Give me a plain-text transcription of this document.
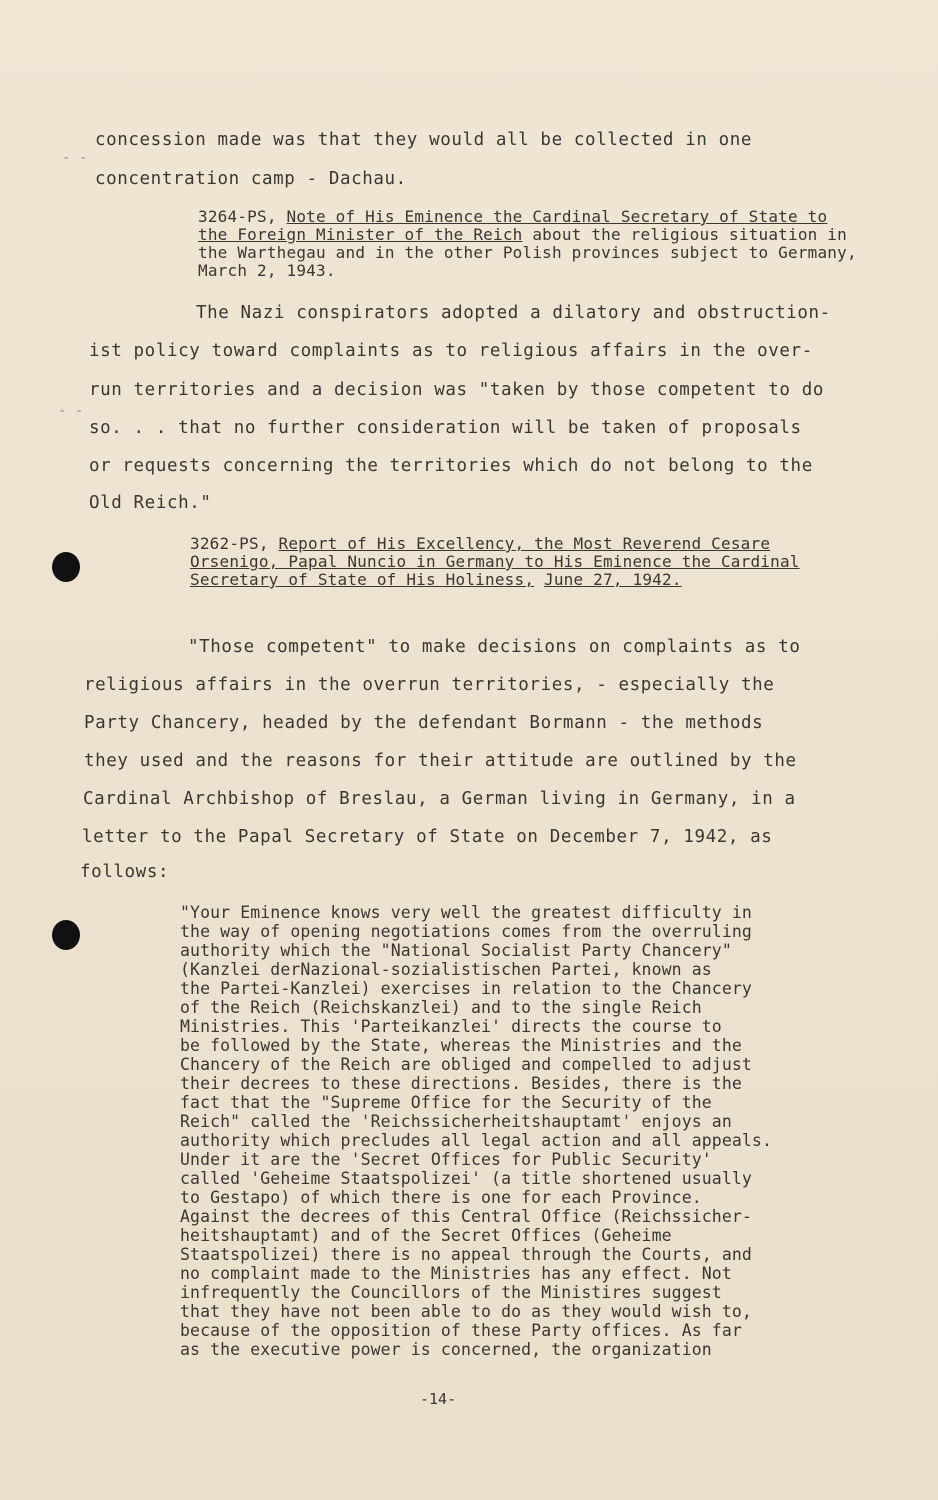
- -
- -
concession made was that they would all be collected in one
concentration camp - Dachau.
3264-PS, Note of His Eminence the Cardinal Secretary of State to the Foreign Minister of the Reich about the religious situation in the Warthegau and in the other Polish provinces subject to Germany, March 2, 1943.
The Nazi conspirators adopted a dilatory and obstruction-
ist policy toward complaints as to religious affairs in the over-
run territories and a decision was "taken by those competent to do
so. . . that no further consideration will be taken of proposals
or requests concerning the territories which do not belong to the
Old Reich."
3262-PS, Report of His Excellency, the Most Reverend Cesare Orsenigo, Papal Nuncio in Germany to His Eminence the Cardinal Secretary of State of His Holiness, June 27, 1942.
"Those competent" to make decisions on complaints as to
religious affairs in the overrun territories, - especially the
Party Chancery, headed by the defendant Bormann - the methods
they used and the reasons for their attitude are outlined by the
Cardinal Archbishop of Breslau, a German living in Germany, in a
letter to the Papal Secretary of State on December 7, 1942, as
follows:
"Your Eminence knows very well the greatest difficulty in
the way of opening negotiations comes from the overruling
authority which the "National Socialist Party Chancery"
(Kanzlei derNazional-sozialistischen Partei, known as
the Partei-Kanzlei) exercises in relation to the Chancery
of the Reich (Reichskanzlei) and to the single Reich
Ministries. This 'Parteikanzlei' directs the course to
be followed by the State, whereas the Ministries and the
Chancery of the Reich are obliged and compelled to adjust
their decrees to these directions. Besides, there is the
fact that the "Supreme Office for the Security of the
Reich" called the 'Reichssicherheitshauptamt' enjoys an
authority which precludes all legal action and all appeals.
Under it are the 'Secret Offices for Public Security'
called 'Geheime Staatspolizei' (a title shortened usually
to Gestapo) of which there is one for each Province.
Against the decrees of this Central Office (Reichssicher-
heitshauptamt) and of the Secret Offices (Geheime
Staatspolizei) there is no appeal through the Courts, and
no complaint made to the Ministries has any effect. Not
infrequently the Councillors of the Ministires suggest
that they have not been able to do as they would wish to,
because of the opposition of these Party offices. As far
as the executive power is concerned, the organization
-14-
